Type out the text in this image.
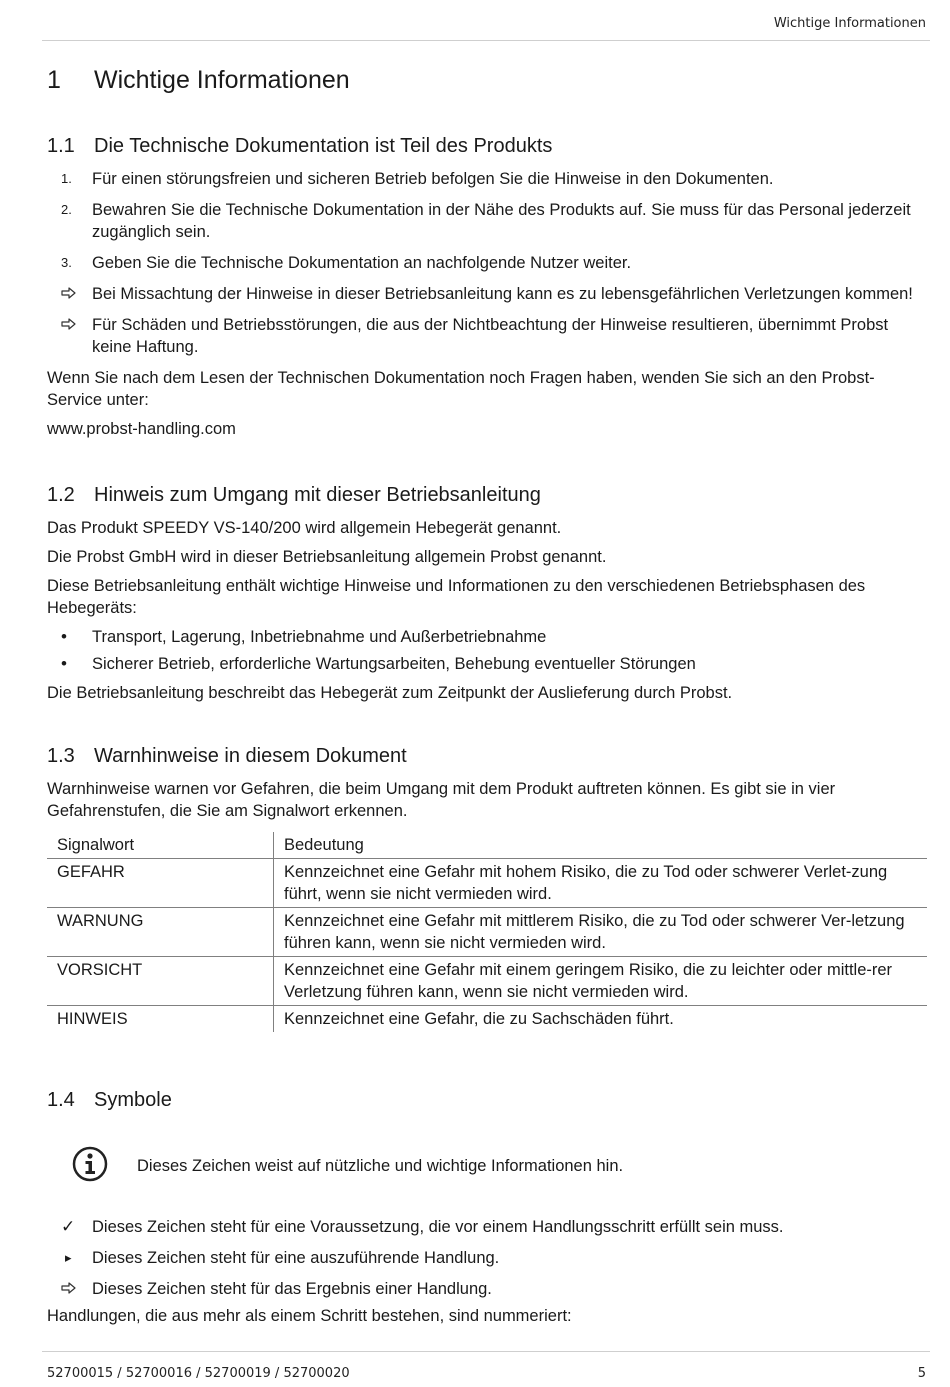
Wichtige Informationen
1 Wichtige Informationen
1.1 Die Technische Dokumentation ist Teil des Produkts
1. Für einen störungsfreien und sicheren Betrieb befolgen Sie die Hinweise in den Dokumenten.
2. Bewahren Sie die Technische Dokumentation in der Nähe des Produkts auf. Sie muss für das Personal jederzeit zugänglich sein.
3. Geben Sie die Technische Dokumentation an nachfolgende Nutzer weiter.
Bei Missachtung der Hinweise in dieser Betriebsanleitung kann es zu lebensgefährlichen Verletzungen kommen!
Für Schäden und Betriebsstörungen, die aus der Nichtbeachtung der Hinweise resultieren, übernimmt Probst keine Haftung.

Wenn Sie nach dem Lesen der Technischen Dokumentation noch Fragen haben, wenden Sie sich an den Probst-Service unter:

www.probst-handling.com

1.2 Hinweis zum Umgang mit dieser Betriebsanleitung

Das Produkt SPEEDY VS-140/200 wird allgemein Hebegerät genannt.

Die Probst GmbH wird in dieser Betriebsanleitung allgemein Probst genannt.

Diese Betriebsanleitung enthält wichtige Hinweise und Informationen zu den verschiedenen Betriebsphasen des Hebegeräts:

• Transport, Lagerung, Inbetriebnahme und Außerbetriebnahme
• Sicherer Betrieb, erforderliche Wartungsarbeiten, Behebung eventueller Störungen

Die Betriebsanleitung beschreibt das Hebegerät zum Zeitpunkt der Auslieferung durch Probst.

1.3 Warnhinweise in diesem Dokument

Warnhinweise warnen vor Gefahren, die beim Umgang mit dem Produkt auftreten können. Es gibt sie in vier Gefahrenstufen, die Sie am Signalwort erkennen.

Signalwort	Bedeutung
GEFAHR	Kennzeichnet eine Gefahr mit hohem Risiko, die zu Tod oder schwerer Verlet-zung führt, wenn sie nicht vermieden wird.
WARNUNG	Kennzeichnet eine Gefahr mit mittlerem Risiko, die zu Tod oder schwerer Ver-letzung führen kann, wenn sie nicht vermieden wird.
VORSICHT	Kennzeichnet eine Gefahr mit einem geringem Risiko, die zu leichter oder mittle-rer Verletzung führen kann, wenn sie nicht vermieden wird.
HINWEIS	Kennzeichnet eine Gefahr, die zu Sachschäden führt.
1.4 Symbole
Dieses Zeichen weist auf nützliche und wichtige Informationen hin.
✓ Dieses Zeichen steht für eine Voraussetzung, die vor einem Handlungsschritt erfüllt sein muss.
▸ Dieses Zeichen steht für eine auszuführende Handlung.
Dieses Zeichen steht für das Ergebnis einer Handlung.

Handlungen, die aus mehr als einem Schritt bestehen, sind nummeriert:

52700015 / 52700016 / 52700019 / 52700020	5
